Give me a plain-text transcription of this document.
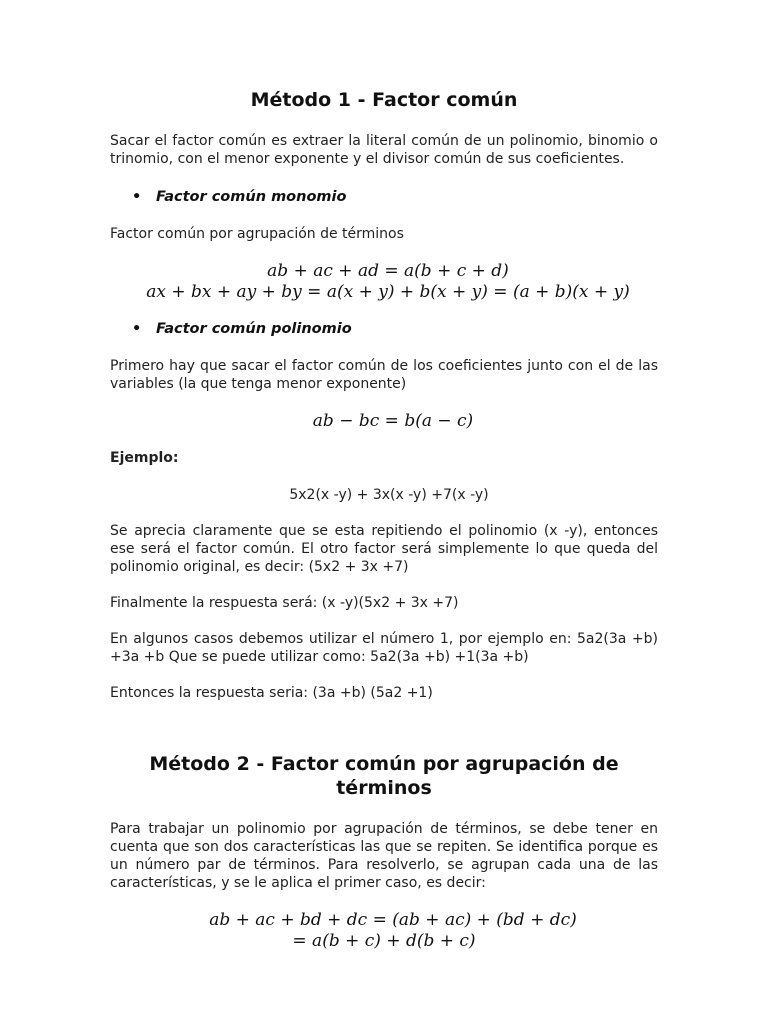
Método 1 - Factor común

Sacar el factor común es extraer la literal común de un polinomio, binomio o trinomio, con el menor exponente y el divisor común de sus coeficientes.

• Factor común monomio

Factor común por agrupación de términos

ab + ac + ad = a(b + c + d)
ax + bx + ay + by = a(x + y) + b(x + y) = (a + b)(x + y)
• Factor común polinomio

Primero hay que sacar el factor común de los coeficientes junto con el de las variables (la que tenga menor exponente)

ab − bc = b(a − c)

Ejemplo:

5x2(x -y) + 3x(x -y) +7(x -y)

Se aprecia claramente que se esta repitiendo el polinomio (x -y), entonces ese será el factor común. El otro factor será simplemente lo que queda del polinomio original, es decir: (5x2 + 3x +7)

Finalmente la respuesta será: (x -y)(5x2 + 3x +7)

En algunos casos debemos utilizar el número 1, por ejemplo en: 5a2(3a +b) +3a +b Que se puede utilizar como: 5a2(3a +b) +1(3a +b)

Entonces la respuesta seria: (3a +b) (5a2 +1)

Método 2 - Factor común por agrupación de términos

Para trabajar un polinomio por agrupación de términos, se debe tener en cuenta que son dos características las que se repiten. Se identifica porque es un número par de términos. Para resolverlo, se agrupan cada una de las características, y se le aplica el primer caso, es decir:

ab + ac + bd + dc = (ab + ac) + (bd + dc)
= a(b + c) + d(b + c)
